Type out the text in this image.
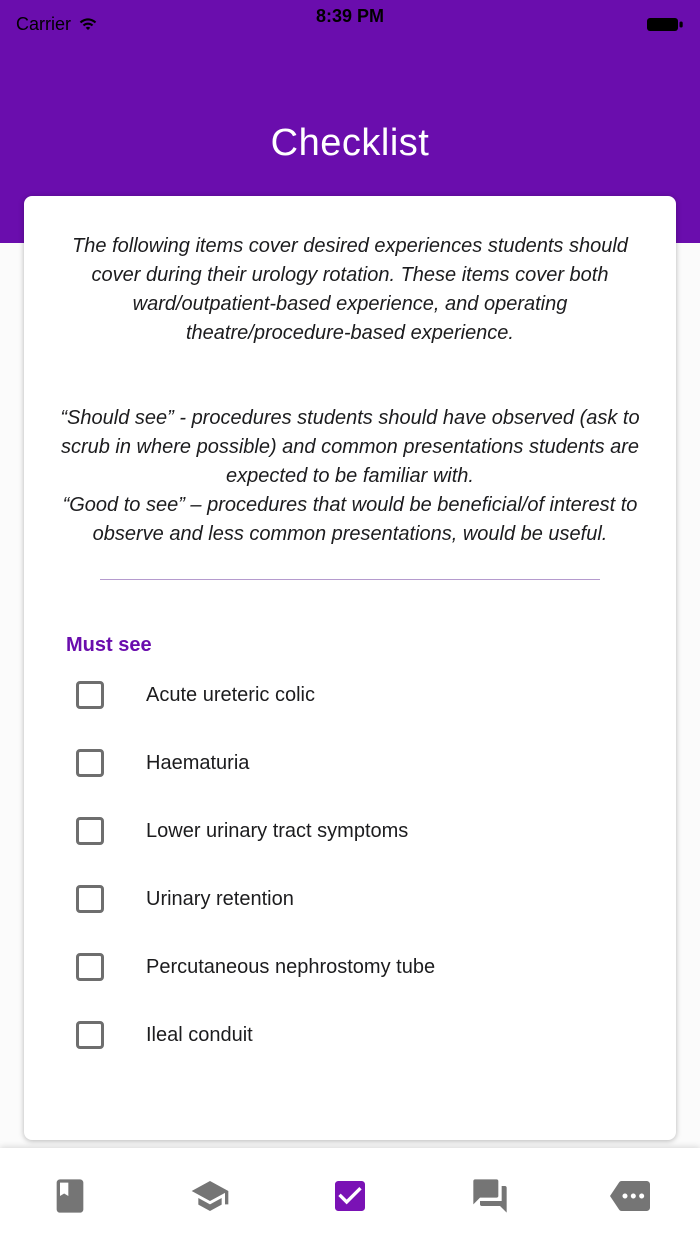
Carrier	8:39 PM
Checklist

The following items cover desired experiences students should cover during their urology rotation. These items cover both ward/outpatient-based experience, and operating theatre/procedure-based experience.

“Should see” - procedures students should have observed (ask to scrub in where possible) and common presentations students are expected to be familiar with.

“Good to see” – procedures that would be beneficial/of interest to observe and less common presentations, would be useful.

Must see
Acute ureteric colic
Haematuria
Lower urinary tract symptoms
Urinary retention
Percutaneous nephrostomy tube
Ileal conduit
